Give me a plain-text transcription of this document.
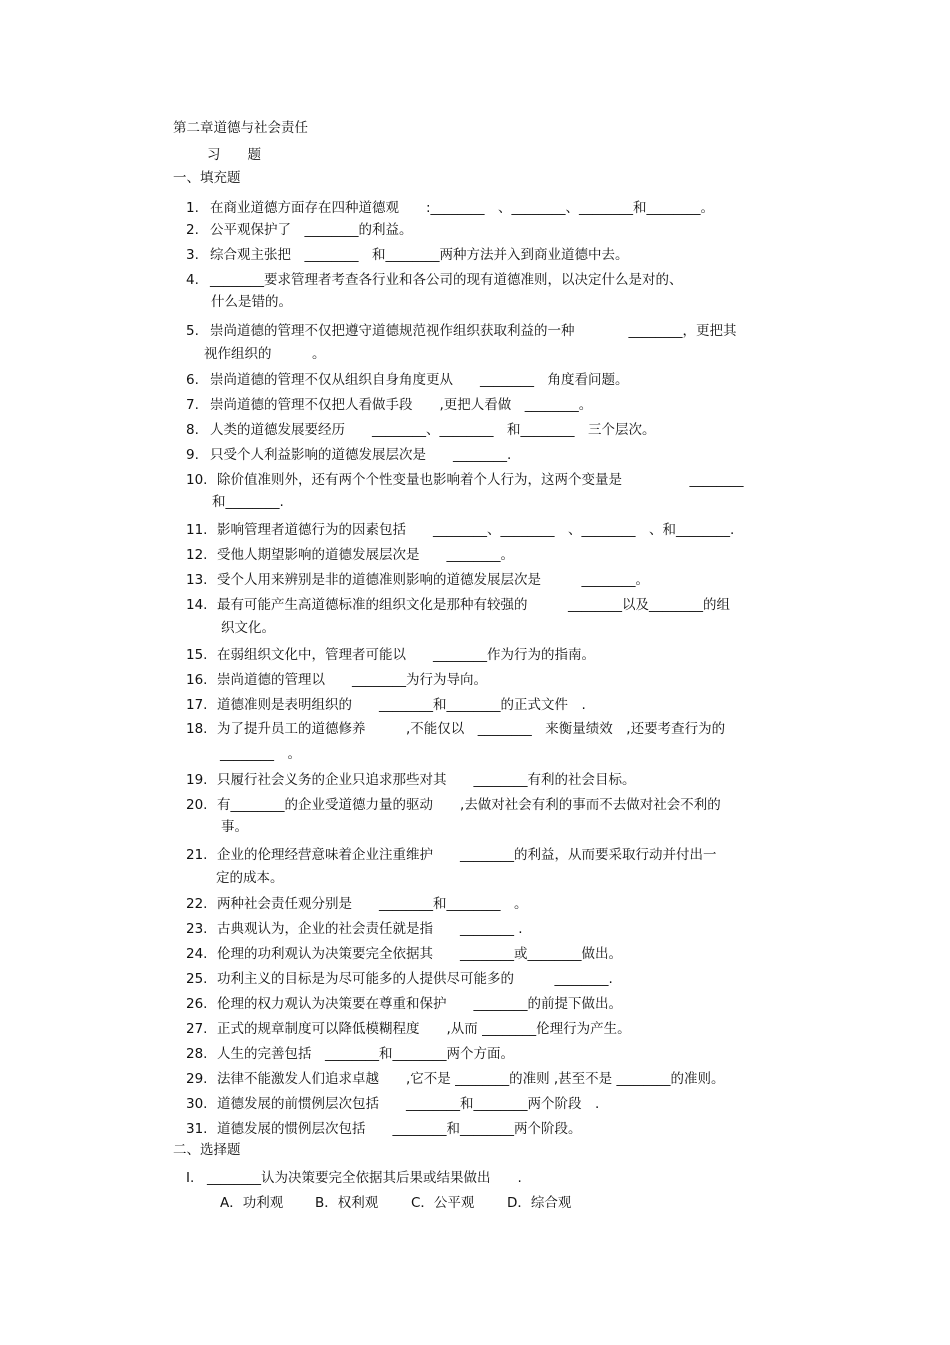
第二章道德与社会责任
习　　题
一、填充题
1. 在商业道德方面存在四种道德观　　:________　、________、________和________。
2. 公平观保护了　________的利益。
3. 综合观主张把　________　和________两种方法并入到商业道德中去。
4. ________要求管理者考查各行业和各公司的现有道德准则，以决定什么是对的、
什么是错的。
5. 崇尚道德的管理不仅把遵守道德规范视作组织获取利益的一种　　　　________，更把其
视作组织的　　　。
6. 崇尚道德的管理不仅从组织自身角度更从　　________　角度看问题。
7. 崇尚道德的管理不仅把人看做手段　　,更把人看做　________。
8. 人类的道德发展要经历　　________、________　和________　三个层次。
9. 只受个人利益影响的道德发展层次是　　________.
10. 除价值准则外，还有两个个性变量也影响着个人行为，这两个变量是　　　　　________
和________.
11. 影响管理者道德行为的因素包括　　________、________　、________　、和________.
12. 受他人期望影响的道德发展层次是　　________。
13. 受个人用来辨别是非的道德准则影响的道德发展层次是　　　________。
14. 最有可能产生高道德标准的组织文化是那种有较强的　　　________以及________的组
织文化。
15. 在弱组织文化中，管理者可能以　　________作为行为的指南。
16. 崇尚道德的管理以　　________为行为导向。
17. 道德准则是表明组织的　　________和________的正式文件　.
18. 为了提升员工的道德修养　　　,不能仅以　________　来衡量绩效　,还要考查行为的
________　。
19. 只履行社会义务的企业只追求那些对其　　________有利的社会目标。
20. 有________的企业受道德力量的驱动　　,去做对社会有利的事而不去做对社会不利的
事。
21. 企业的伦理经营意味着企业注重维护　　________的利益，从而要采取行动并付出一
定的成本。
22. 两种社会责任观分别是　　________和________　。
23. 古典观认为，企业的社会责任就是指　　________ .
24. 伦理的功利观认为决策要完全依据其　　________或________做出。
25. 功利主义的目标是为尽可能多的人提供尽可能多的　　　________.
26. 伦理的权力观认为决策要在尊重和保护　　________的前提下做出。
27. 正式的规章制度可以降低模糊程度　　,从而 ________伦理行为产生。
28. 人生的完善包括　________和________两个方面。
29. 法律不能激发人们追求卓越　　,它不是 ________的准则 ,甚至不是 ________的准则。
30. 道德发展的前惯例层次包括　　________和________两个阶段　.
31. 道德发展的惯例层次包括　　________和________两个阶段。
二、选择题
I. ________认为决策要完全依据其后果或结果做出　　.
A．功利观 B．权利观 C．公平观 D．综合观
